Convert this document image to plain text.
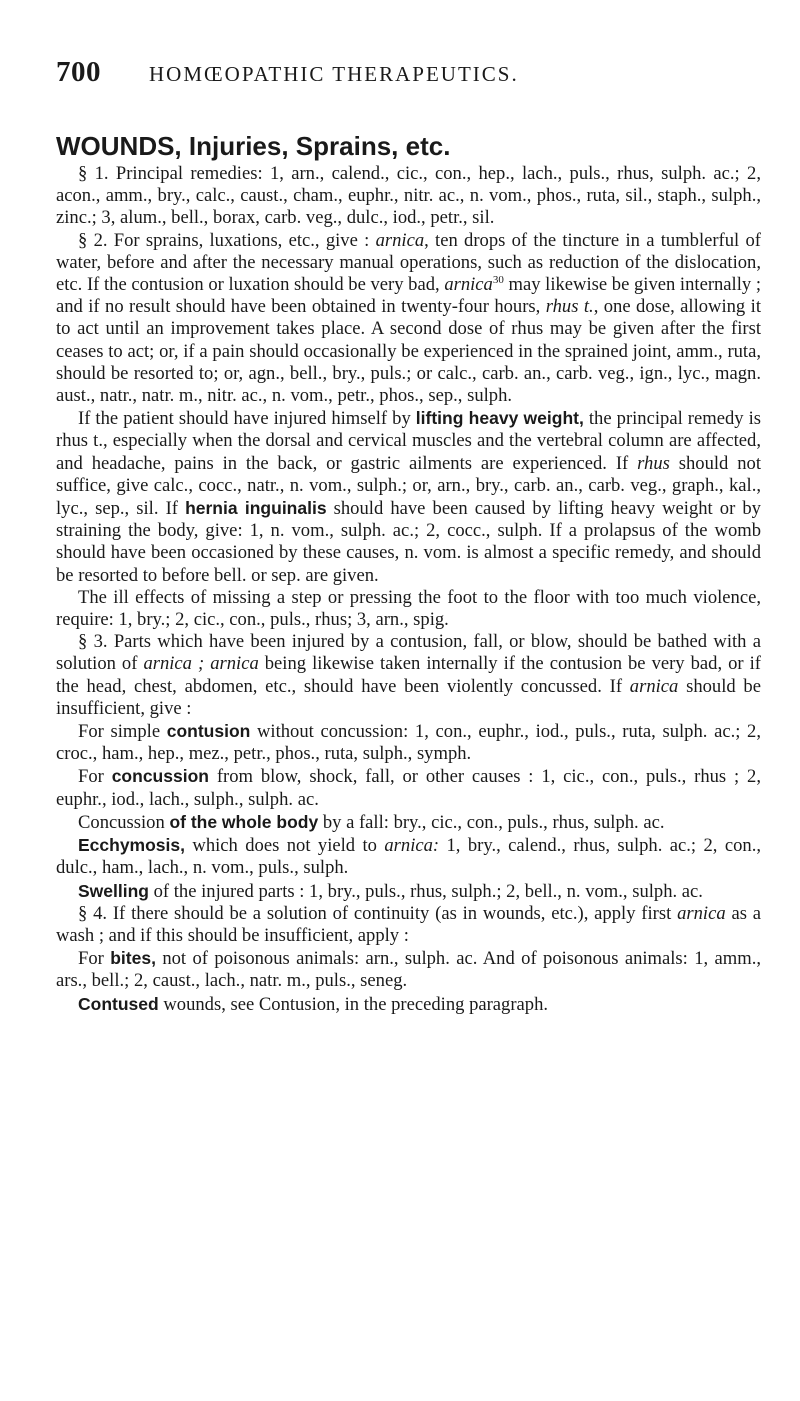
700 HOMŒOPATHIC THERAPEUTICS.
WOUNDS, Injuries, Sprains, etc.

§ 1. Principal remedies: 1, arn., calend., cic., con., hep., lach., puls., rhus, sulph. ac.; 2, acon., amm., bry., calc., caust., cham., euphr., nitr. ac., n. vom., phos., ruta, sil., staph., sulph., zinc.; 3, alum., bell., borax, carb. veg., dulc., iod., petr., sil.

§ 2. For sprains, luxations, etc., give : arnica, ten drops of the tincture in a tumblerful of water, before and after the necessary manual operations, such as reduction of the dislocation, etc. If the contusion or luxation should be very bad, arnica$^{30}$ may likewise be given internally ; and if no result should have been obtained in twenty-four hours, rhus t., one dose, allowing it to act until an improvement takes place. A second dose of rhus may be given after the first ceases to act; or, if a pain should occasionally be experienced in the sprained joint, amm., ruta, should be resorted to; or, agn., bell., bry., puls.; or calc., carb. an., carb. veg., ign., lyc., magn. aust., natr., natr. m., nitr. ac., n. vom., petr., phos., sep., sulph.

If the patient should have injured himself by lifting heavy weight, the principal remedy is rhus t., especially when the dorsal and cervical muscles and the vertebral column are affected, and headache, pains in the back, or gastric ailments are experienced. If rhus should not suffice, give calc., cocc., natr., n. vom., sulph.; or, arn., bry., carb. an., carb. veg., graph., kal., lyc., sep., sil. If hernia inguinalis should have been caused by lifting heavy weight or by straining the body, give: 1, n. vom., sulph. ac.; 2, cocc., sulph. If a prolapsus of the womb should have been occasioned by these causes, n. vom. is almost a specific remedy, and should be resorted to before bell. or sep. are given.

The ill effects of missing a step or pressing the foot to the floor with too much violence, require: 1, bry.; 2, cic., con., puls., rhus; 3, arn., spig.

§ 3. Parts which have been injured by a contusion, fall, or blow, should be bathed with a solution of arnica ; arnica being likewise taken internally if the contusion be very bad, or if the head, chest, abdomen, etc., should have been violently concussed. If arnica should be insufficient, give :

For simple contusion without concussion: 1, con., euphr., iod., puls., ruta, sulph. ac.; 2, croc., ham., hep., mez., petr., phos., ruta, sulph., symph.

For concussion from blow, shock, fall, or other causes : 1, cic., con., puls., rhus ; 2, euphr., iod., lach., sulph., sulph. ac.

Concussion of the whole body by a fall: bry., cic., con., puls., rhus, sulph. ac.

Ecchymosis, which does not yield to arnica: 1, bry., calend., rhus, sulph. ac.; 2, con., dulc., ham., lach., n. vom., puls., sulph.

Swelling of the injured parts : 1, bry., puls., rhus, sulph.; 2, bell., n. vom., sulph. ac.

§ 4. If there should be a solution of continuity (as in wounds, etc.), apply first arnica as a wash ; and if this should be insufficient, apply :

For bites, not of poisonous animals: arn., sulph. ac. And of poisonous animals: 1, amm., ars., bell.; 2, caust., lach., natr. m., puls., seneg.

Contused wounds, see Contusion, in the preceding paragraph.
